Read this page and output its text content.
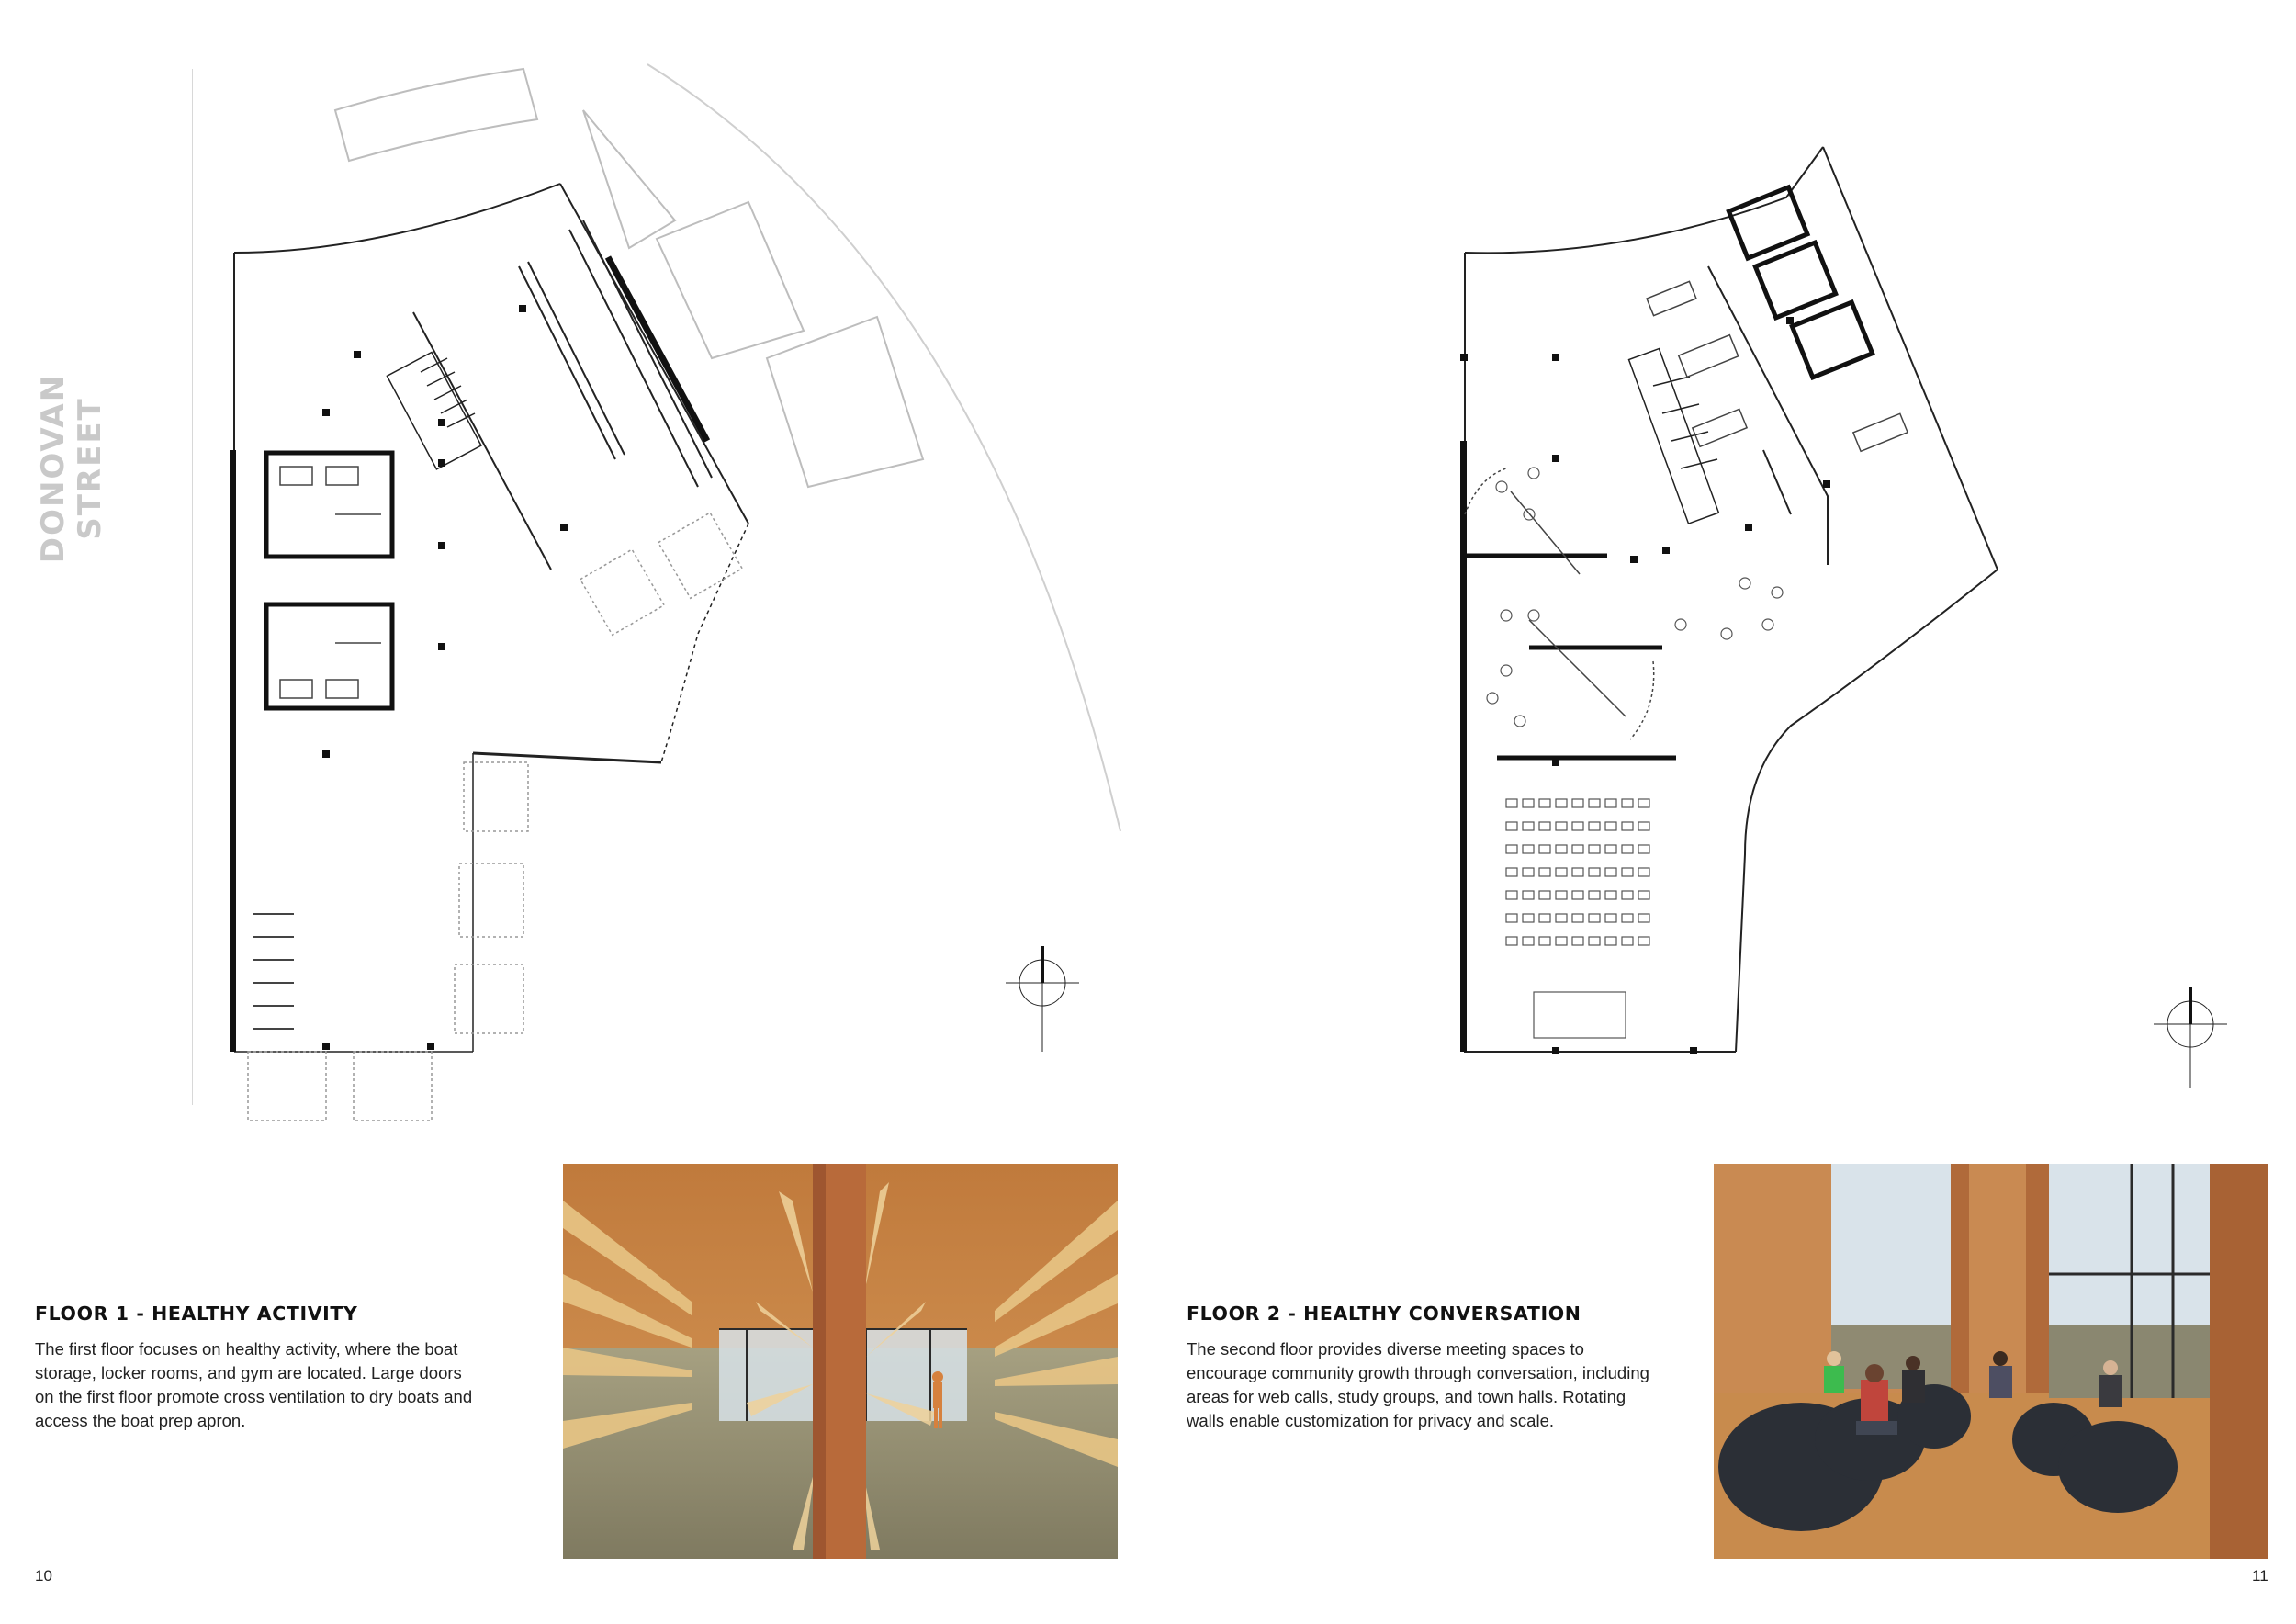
DONOVAN STREET
FLOOR 1 - HEALTHY ACTIVITY
The first floor focuses on healthy activity, where the boat storage, locker rooms, and gym are located. Large doors on the first floor promote cross ventilation to dry boats and access the boat prep apron.
FLOOR 2 - HEALTHY CONVERSATION
The second floor provides diverse meeting spaces to encourage community growth through conversation, including areas for web calls, study groups, and town halls. Rotating walls enable customization for privacy and scale.
10	11
